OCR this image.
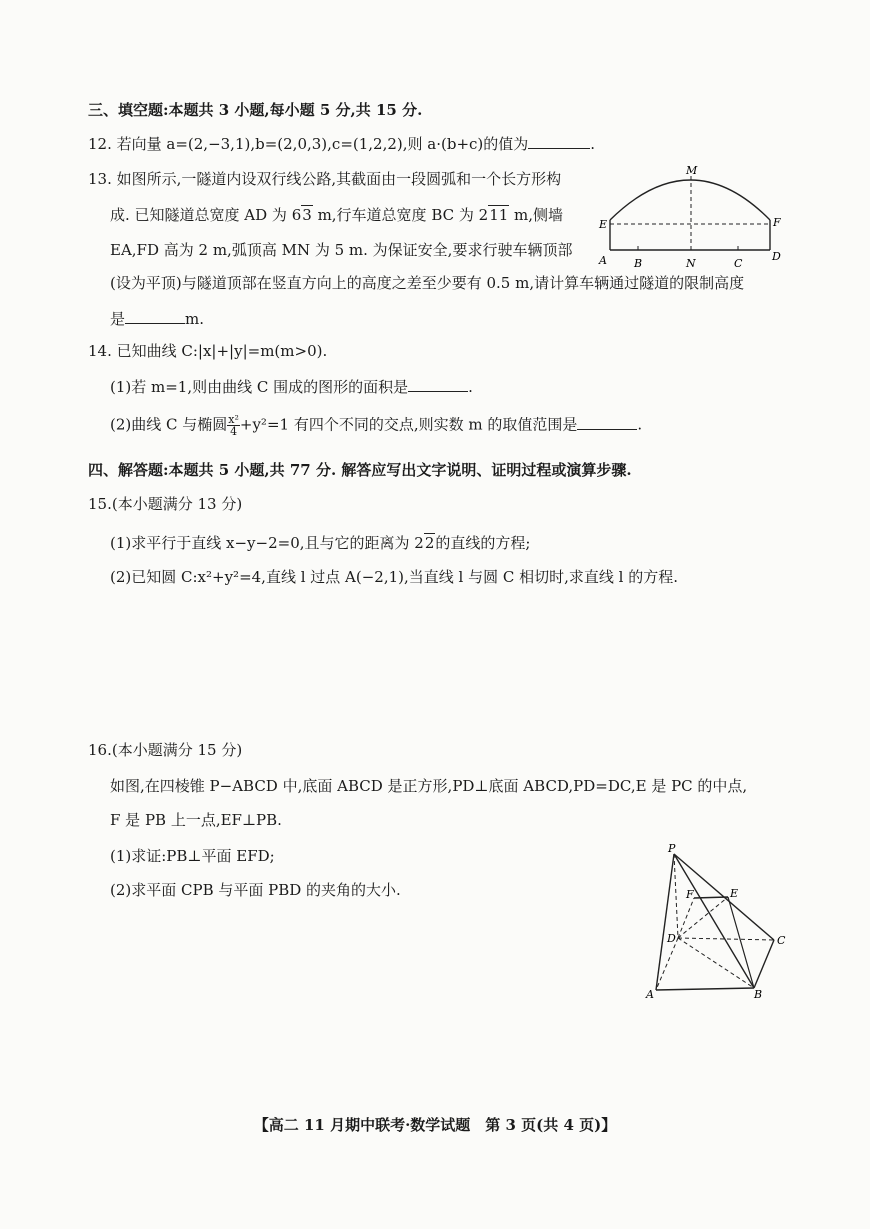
三、填空题:本题共 3 小题,每小题 5 分,共 15 分.
12. 若向量 a=(2,−3,1),b=(2,0,3),c=(1,2,2),则 a·(b+c)的值为	.
13. 如图所示,一隧道内设双行线公路,其截面由一段圆弧和一个长方形构
成. 已知隧道总宽度 AD 为 63 m,行车道总宽度 BC 为 211 m,侧墙
EA,FD 高为 2 m,弧顶高 MN 为 5 m. 为保证安全,要求行驶车辆顶部
(设为平顶)与隧道顶部在竖直方向上的高度之差至少要有 0.5 m,请计算车辆通过隧道的限制高度
是	m.
M
E	F
A B	N	C
D
14. 已知曲线 C:|x|+|y|=m(m>0).
(1)若 m=1,则由曲线 C 围成的图形的面积是	.
(2)曲线 C 与椭圆 $\frac{\text{x²}}{4} +y^2=1$ 有四个不同的交点,则实数 m 的取值范围是	.
四、解答题:本题共 5 小题,共 77 分. 解答应写出文字说明、证明过程或演算步骤.
15.(本小题满分 13 分)
(1)求平行于直线 x−y−2=0,且与它的距离为 22的直线的方程;
(2)已知圆 C:x²+y²=4,直线 l 过点 A(−2,1),当直线 l 与圆 C 相切时,求直线 l 的方程.
16.(本小题满分 15 分)
如图,在四棱锥 P−ABCD 中,底面 ABCD 是正方形,PD⊥底面 ABCD,PD=DC,E 是 PC 的中点,
F 是 PB 上一点,EF⊥PB.
(1)求证:PB⊥平面 EFD;
(2)求平面 CPB 与平面 PBD 的夹角的大小.
P
F	E
D	C
A	B
【高二 11 月期中联考·数学试题　第 3 页(共 4 页)】
